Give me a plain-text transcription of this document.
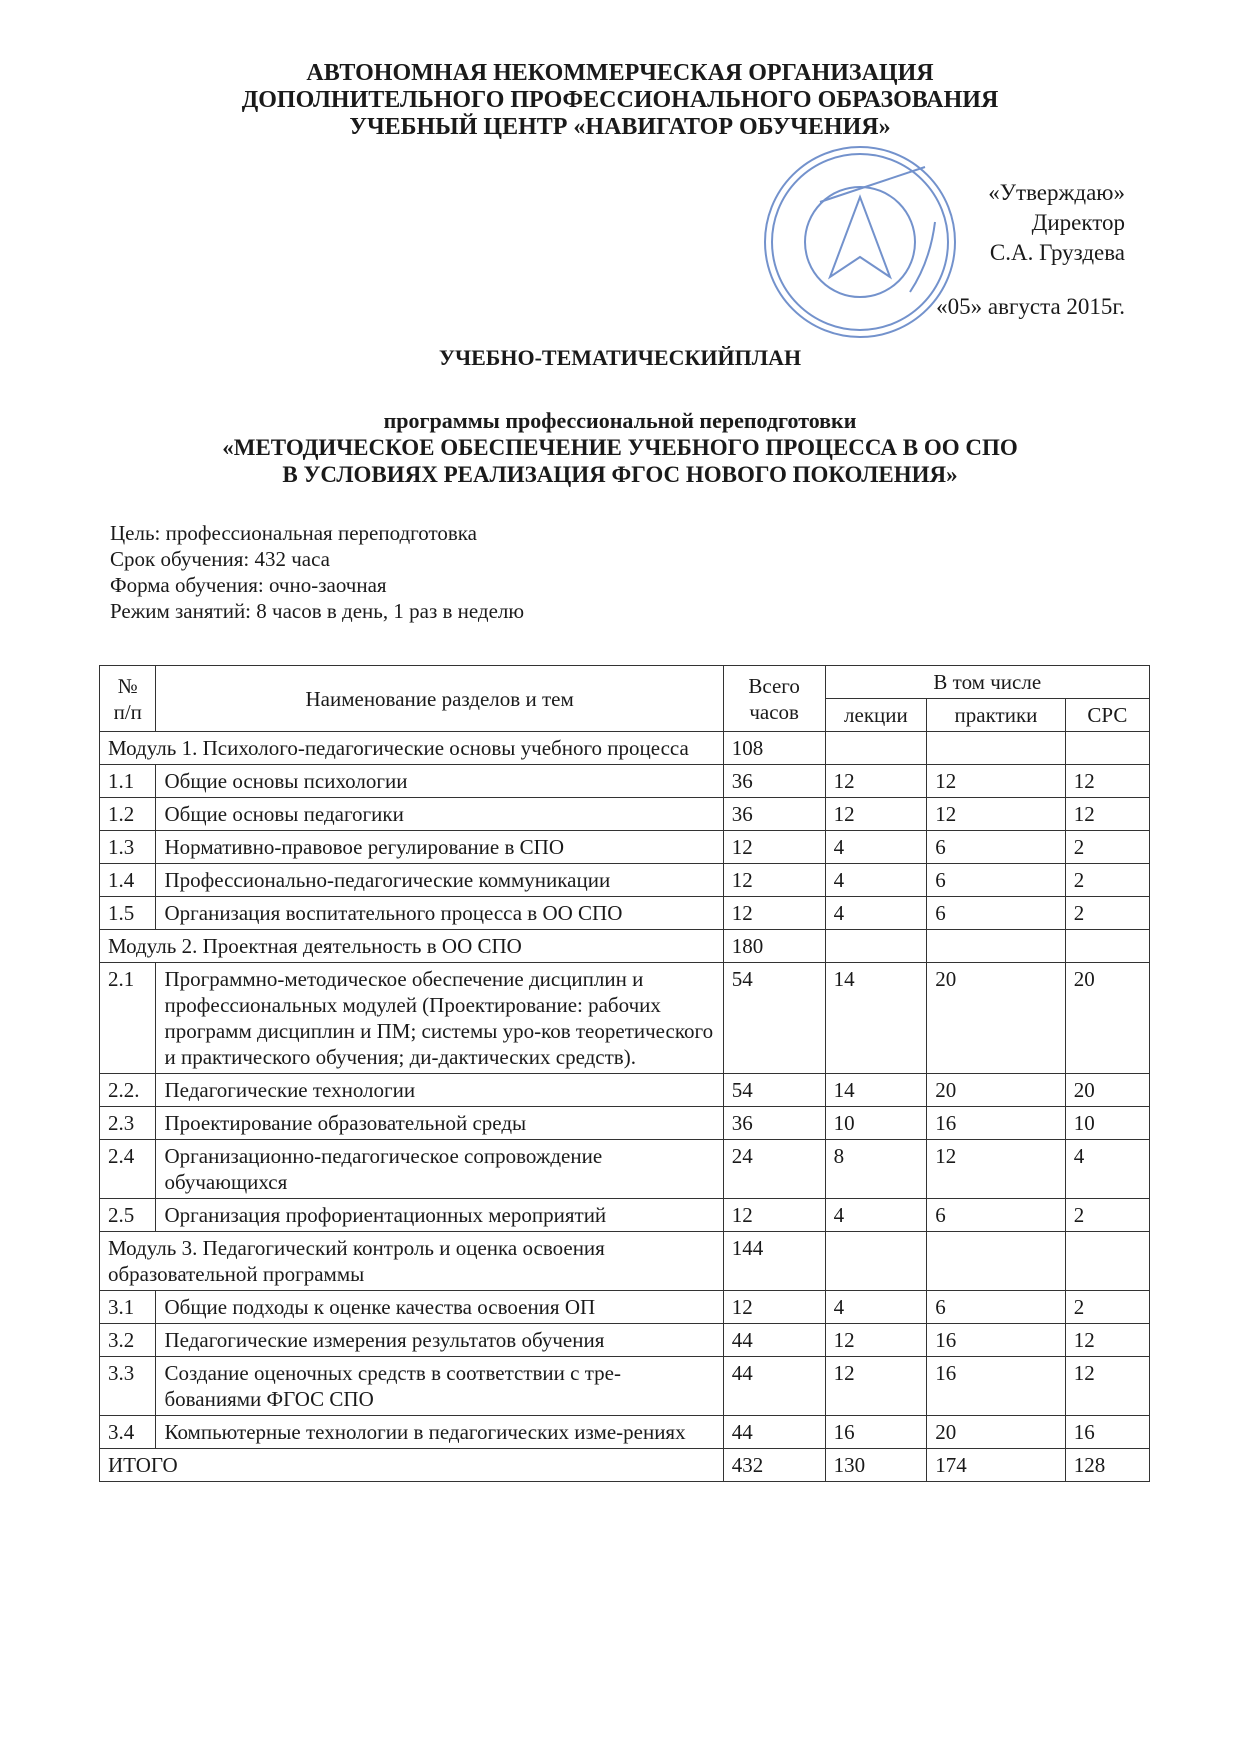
АВТОНОМНАЯ НЕКОММЕРЧЕСКАЯ ОРГАНИЗАЦИЯ
ДОПОЛНИТЕЛЬНОГО ПРОФЕССИОНАЛЬНОГО ОБРАЗОВАНИЯ
УЧЕБНЫЙ ЦЕНТР «НАВИГАТОР ОБУЧЕНИЯ»
«Утверждаю»
Директор
С.А. Груздева
«05» августа 2015г.
УЧЕБНО-ТЕМАТИЧЕСКИЙПЛАН
программы профессиональной переподготовки
«МЕТОДИЧЕСКОЕ ОБЕСПЕЧЕНИЕ УЧЕБНОГО ПРОЦЕССА В ОО СПО
В УСЛОВИЯХ РЕАЛИЗАЦИЯ ФГОС НОВОГО ПОКОЛЕНИЯ»
Цель: профессиональная переподготовка
Срок обучения: 432 часа
Форма обучения: очно-заочная
Режим занятий: 8 часов в день, 1 раз в неделю
№ п/п	Наименование разделов и тем	Всего часов	В том числе		
			лекции	практики	СРС
Модуль 1. Психолого-педагогические основы учебного процесса		108			
1.1	Общие основы психологии	36	12	12	12
1.2	Общие основы педагогики	36	12	12	12
1.3	Нормативно-правовое регулирование в СПО	12	4	6	2
1.4	Профессионально-педагогические коммуникации	12	4	6	2
1.5	Организация воспитательного процесса в ОО СПО	12	4	6	2
Модуль 2. Проектная деятельность в ОО СПО		180			
2.1	Программно-методическое обеспечение дисциплин и профессиональных модулей (Проектирование: рабочих программ дисциплин и ПМ; системы уро-ков теоретического и практического обучения; ди-дактических средств).	54	14	20	20
2.2.	Педагогические технологии	54	14	20	20
2.3	Проектирование образовательной среды	36	10	16	10
2.4	Организационно-педагогическое сопровождение обучающихся	24	8	12	4
2.5	Организация профориентационных мероприятий	12	4	6	2
Модуль 3. Педагогический контроль и оценка освоения образовательной программы		144			
3.1	Общие подходы к оценке качества освоения ОП	12	4	6	2
3.2	Педагогические измерения результатов обучения	44	12	16	12
3.3	Создание оценочных средств в соответствии с тре-бованиями ФГОС СПО	44	12	16	12
3.4	Компьютерные технологии в педагогических изме-рениях	44	16	20	16
ИТОГО		432	130	174	128
